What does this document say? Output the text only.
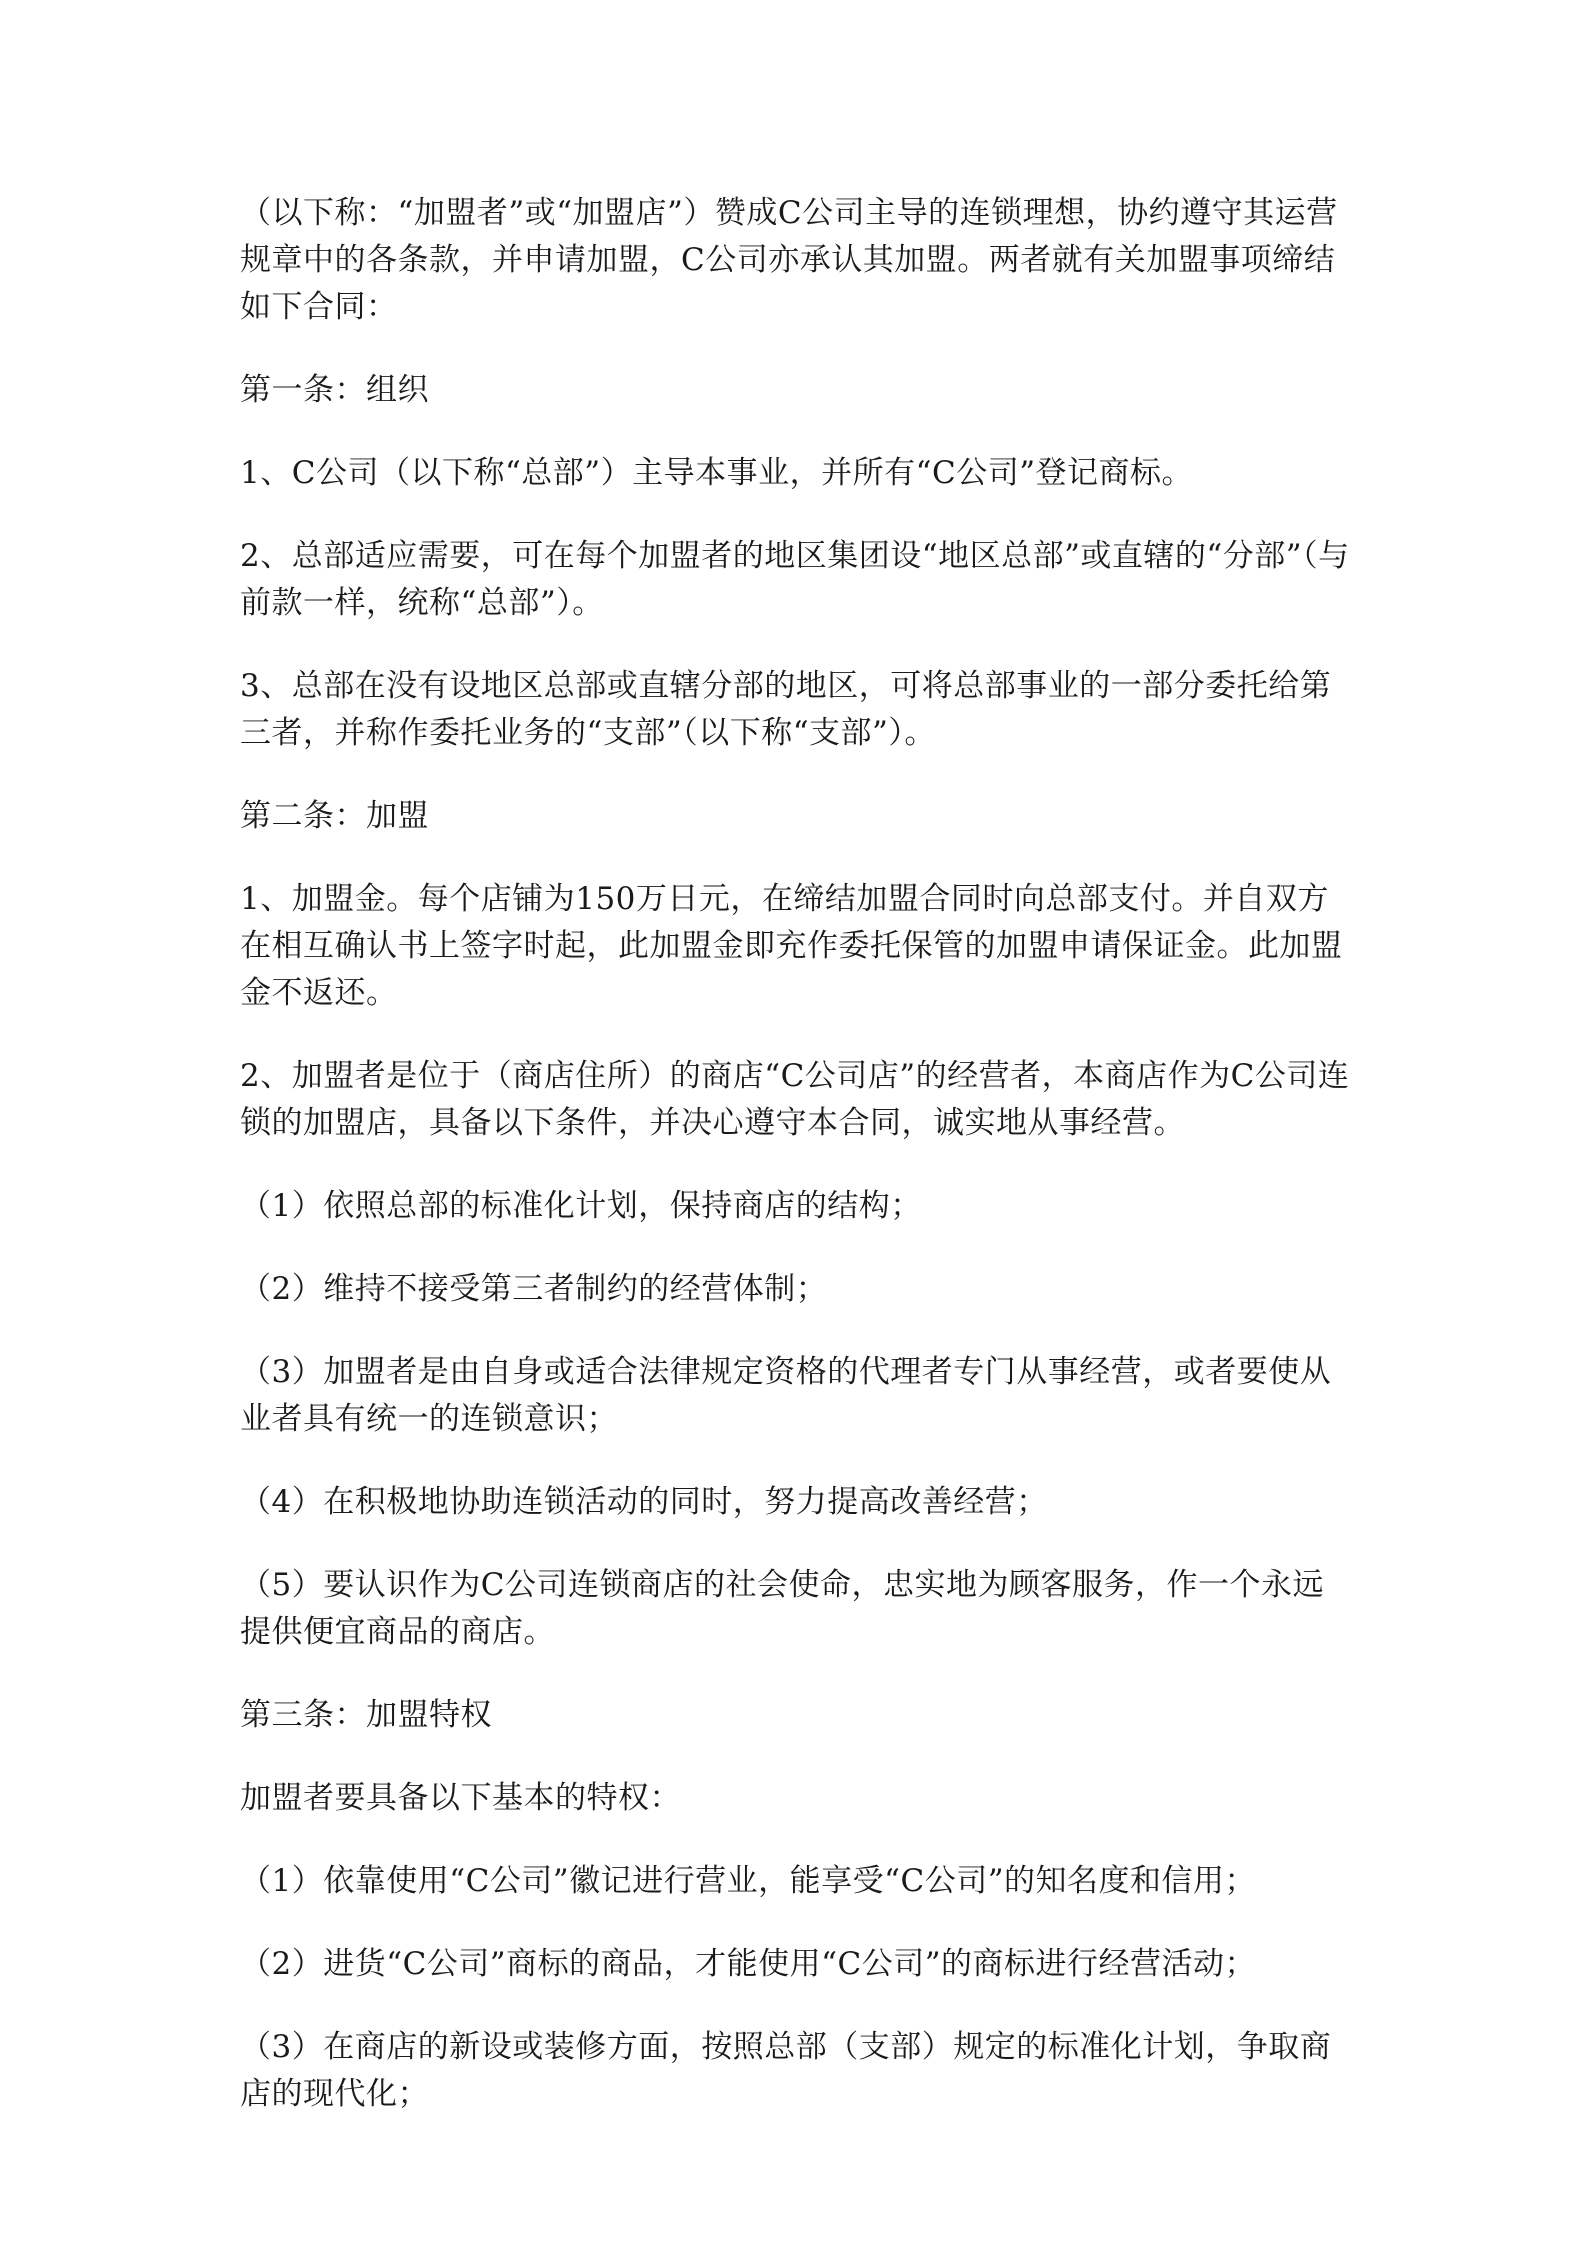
（以下称：“加盟者”或“加盟店”）赞成C公司主导的连锁理想，协约遵守其运营规章中的各条款，并申请加盟，C公司亦承认其加盟。两者就有关加盟事项缔结如下合同：

第一条：组织

1、C公司（以下称“总部”）主导本事业，并所有“C公司”登记商标。

2、总部适应需要，可在每个加盟者的地区集团设“地区总部”或直辖的“分部”（与前款一样，统称“总部”）。

3、总部在没有设地区总部或直辖分部的地区，可将总部事业的一部分委托给第三者，并称作委托业务的“支部”（以下称“支部”）。

第二条：加盟

1、加盟金。每个店铺为150万日元，在缔结加盟合同时向总部支付。并自双方在相互确认书上签字时起，此加盟金即充作委托保管的加盟申请保证金。此加盟金不返还。

2、加盟者是位于（商店住所）的商店“C公司店”的经营者，本商店作为C公司连锁的加盟店，具备以下条件，并决心遵守本合同，诚实地从事经营。

（1）依照总部的标准化计划，保持商店的结构；

（2）维持不接受第三者制约的经营体制；

（3）加盟者是由自身或适合法律规定资格的代理者专门从事经营，或者要使从业者具有统一的连锁意识；

（4）在积极地协助连锁活动的同时，努力提高改善经营；

（5）要认识作为C公司连锁商店的社会使命，忠实地为顾客服务，作一个永远提供便宜商品的商店。

第三条：加盟特权

加盟者要具备以下基本的特权：

（1）依靠使用“C公司”徽记进行营业，能享受“C公司”的知名度和信用；

（2）进货“C公司”商标的商品，才能使用“C公司”的商标进行经营活动；

（3）在商店的新设或装修方面，按照总部（支部）规定的标准化计划，争取商店的现代化；
